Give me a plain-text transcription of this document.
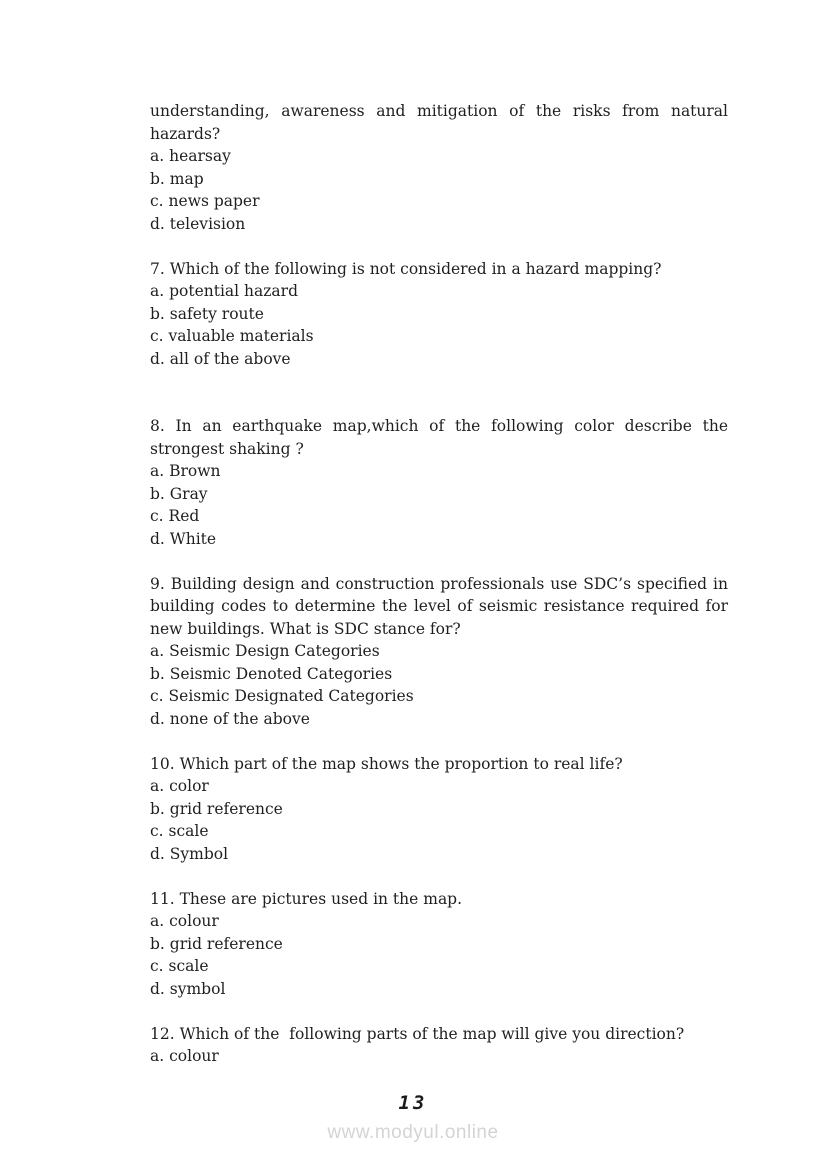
understanding, awareness and mitigation of the risks from natural hazards?

a. hearsay

b. map

c. news paper

d. television

7. Which of the following is not considered in a hazard mapping?

a. potential hazard

b. safety route

c. valuable materials

d. all of the above

8. In an earthquake map,which of the following color describe the strongest shaking ?

a. Brown

b. Gray

c. Red

d. White

9. Building design and construction professionals use SDC’s specified in building codes to determine the level of seismic resistance required for new buildings. What is SDC stance for?

a. Seismic Design Categories

b. Seismic Denoted Categories

c. Seismic Designated Categories

d. none of the above

10. Which part of the map shows the proportion to real life?

a. color

b. grid reference

c. scale

d. Symbol

11. These are pictures used in the map.

a. colour

b. grid reference

c. scale

d. symbol

12. Which of the  following parts of the map will give you direction?

a. colour

13
www.modyul.online
